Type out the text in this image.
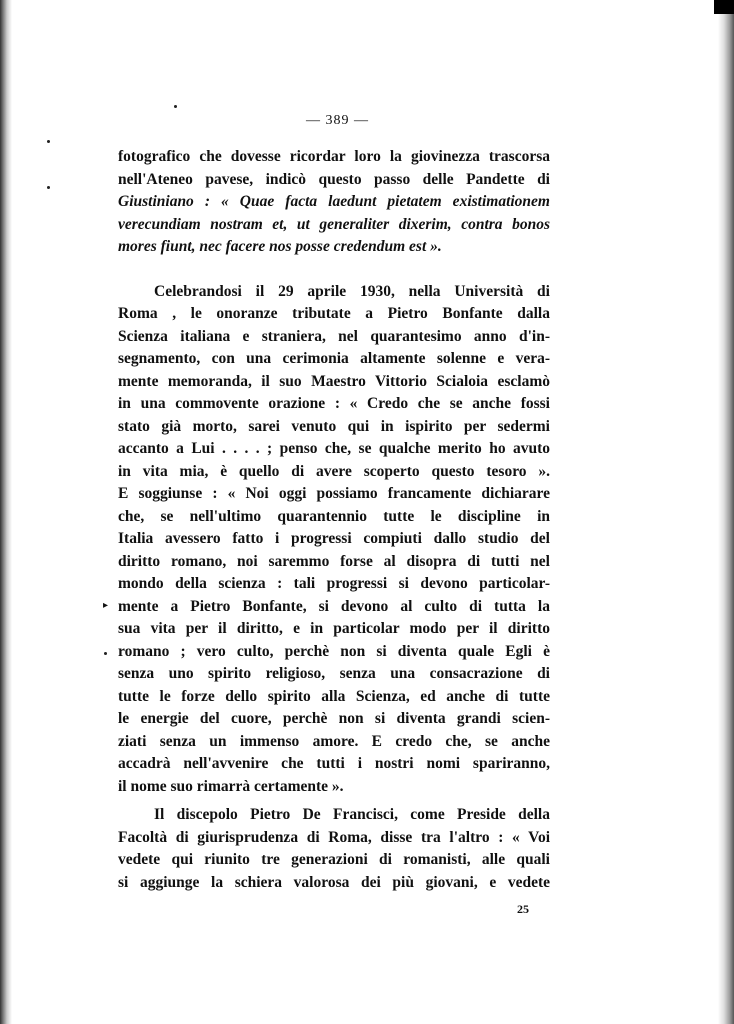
▸
— 389 —
fotografico che dovesse ricordar loro la giovinezza trascorsa
nell'Ateneo pavese, indicò questo passo delle Pandette di
Giustiniano : « Quae facta laedunt pietatem existimationem
verecundiam nostram et, ut generaliter dixerim, contra bonos
mores fiunt, nec facere nos posse credendum est ».
Celebrandosi il 29 aprile 1930, nella Università di
Roma , le onoranze tributate a Pietro Bonfante dalla
Scienza italiana e straniera, nel quarantesimo anno d'in-
segnamento, con una cerimonia altamente solenne e vera-
mente memoranda, il suo Maestro Vittorio Scialoia esclamò
in una commovente orazione : « Credo che se anche fossi
stato già morto, sarei venuto qui in ispirito per sedermi
accanto a Lui . . . . ; penso che, se qualche merito ho avuto
in vita mia, è quello di avere scoperto questo tesoro ».
E soggiunse : « Noi oggi possiamo francamente dichiarare
che, se nell'ultimo quarantennio tutte le discipline in
Italia avessero fatto i progressi compiuti dallo studio del
diritto romano, noi saremmo forse al disopra di tutti nel
mondo della scienza : tali progressi si devono particolar-
mente a Pietro Bonfante, si devono al culto di tutta la
sua vita per il diritto, e in particolar modo per il diritto
romano ; vero culto, perchè non si diventa quale Egli è
senza uno spirito religioso, senza una consacrazione di
tutte le forze dello spirito alla Scienza, ed anche di tutte
le energie del cuore, perchè non si diventa grandi scien-
ziati senza un immenso amore. E credo che, se anche
accadrà nell'avvenire che tutti i nostri nomi spariranno,
il nome suo rimarrà certamente ».
Il discepolo Pietro De Francisci, come Preside della
Facoltà di giurisprudenza di Roma, disse tra l'altro : « Voi
vedete qui riunito tre generazioni di romanisti, alle quali
si aggiunge la schiera valorosa dei più giovani, e vedete
25
